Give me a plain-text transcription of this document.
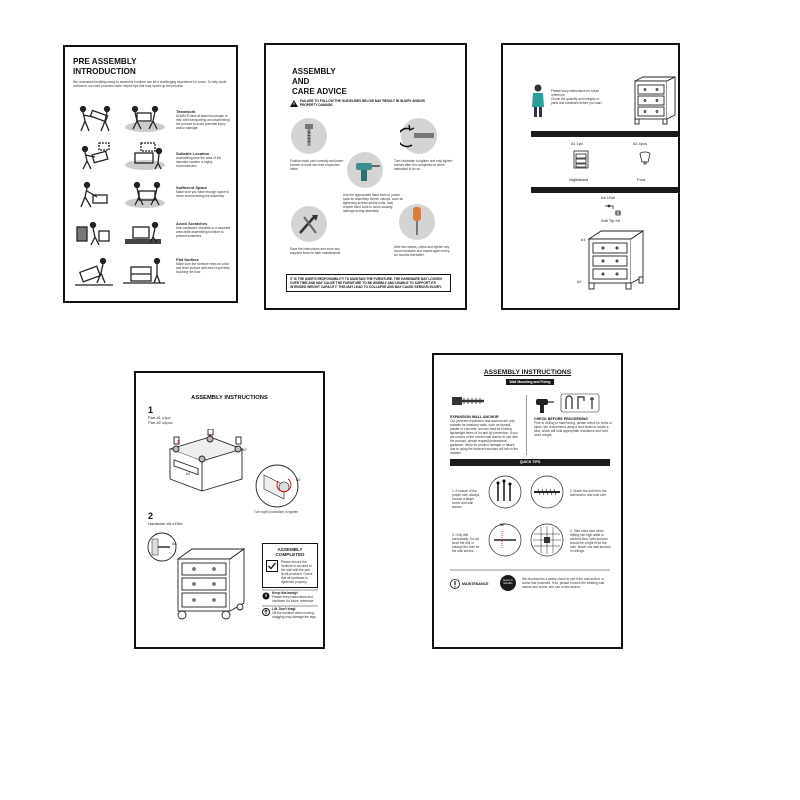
PRE ASSEMBLY
INTRODUCTION
We understand building ready to assemble furniture can be a challenging experience for some. To help avoid confusion, we have provided some helpful tips that may speed up the process.
Teamwork
ALWAYS have at least two people to help with transporting and assembling the product to avoid potential injury and/or damage.
Suitable Location
Assembling near the area of the intended location is highly recommended.
Sufficient Space
Make sure you have enough space to move around during the assembly.
Avoid Scratches
Use cardboard, blankets or a carpeted area while assembling furniture to prevent scratches.
Flat Surface
Make sure the furniture rests on a flat and level surface with each leg evenly touching the floor.
ASSEMBLY
AND
CARE ADVICE
FAILURE TO FOLLOW THE GUIDELINES BELOW MAY RESULT IN INJURY AND/OR PROPERTY DAMAGE.
Position each part correctly and insert screws or bolts into their respective holes.
Turn clockwise to tighten and only tighten screws after it is completed or when instructed to do so.
Use the appropriate hand tools or power tools for assembly. Bench clamps, such as tightening screws and/or bolts, may require hand tools to avoid causing damage during assembly.
Save the instructions and store any supplied tools for later maintenance.
After two weeks, check and tighten any loose hardware and repeat again every six months thereafter.
IT IS THE USER'S RESPONSIBILITY TO MAINTAIN THE FURNITURE. THE HARDWARE MAY LOOSEN OVER TIME AND MAY CAUSE THE FURNITURE TO BE WOBBLY AND UNABLE TO SUPPORT ITS INTENDED WEIGHT CAPACITY. THIS MAY LEAD TO COLLAPSE AND MAY CAUSE SERIOUS INJURY.
Please keep instructions for future reference.
Check the quantity and integrity of parts and hardware before you start.
#1 1pc	#2 4pcs
Nightstand	Foot
#A 1Set
Anti Tip Kit
#1
#2
ASSEMBLY INSTRUCTIONS
1
Part #1 x1pc
Part #2 x4pcs
#1
#2
#2
Turn right (clockwise) to tighten
2
Hardware #A x1Set
#A
ASSEMBLY
COMPLETED
Please ensure the furniture is secured to the wall with the anti-tip kit provided. Check that all hardware is tightened properly.
Keep this handy!
Please keep instructions and hardware for future reference.
Lift, Don't drag!
Lift the furniture when moving; dragging may damage the legs.
ASSEMBLY INSTRUCTIONS
Wall Mounting and Fixing
EXPANSION WALL ANCHOR
Our provided expansion wall anchors are only suitable for masonry walls, such as drywall, plaster or concrete, and are best for holding lightweight items or for anti-tip prevention. If you are unsure of the correct wall anchor to use with the product, please request professional guidance. Verify for product damage or failure due to using the incorrect anchors will fall on the installer.
CHECK BEFORE PROCEEDING
Prior to drilling or hammering, please check for wires or pipes. We recommend using a stud finder to locate a stud, which will hold appropriate resistance and hold more weight.
QUICK TIPS
1. If unsure of the proper size, always choose a larger screw and wall anchor.
2. Match the drill bit to the wall anchor and hole size.
3. Only drill horizontally. Do not force the drill or enlarge the hole for the wall anchor.
90°
4. Take extra care when drilling into high walls or ceramic tiles. Wall anchors should be a tight fit for the hole. Never use wall anchors in ceilings.
MAINTENANCE
Every 6 Months
We recommend a yearly check to see if the wall anchor or screw has loosened. If so, please remove the existing wall anchor and screw, and use a new anchor.
